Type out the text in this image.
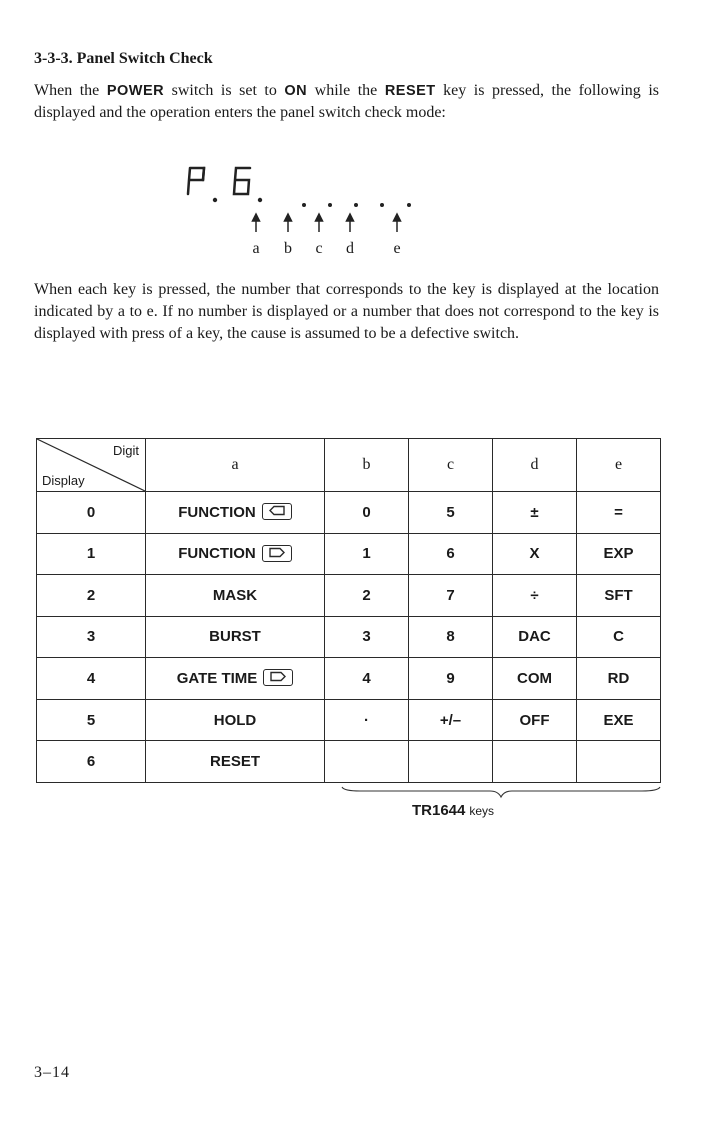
3-3-3. Panel Switch Check

When the POWER switch is set to ON while the RESET key is pressed, the following is displayed and the operation enters the panel switch check mode:

a b c d e

When each key is pressed, the number that corresponds to the key is displayed at the location indicated by a to e. If no number is displayed or a number that does not correspond to the key is displayed with press of a key, the cause is assumed to be a defective switch.

Digit
Display	a	b	c	d	e
0	FUNCTION	0	5	±	=
1	FUNCTION	1	6	X	EXP
2	MASK	2	7	÷	SFT
3	BURST	3	8	DAC	C
4	GATE TIME	4	9	COM	RD
5	HOLD	·	+/–	OFF	EXE
6	RESET				
TR1644 keys
3–14
